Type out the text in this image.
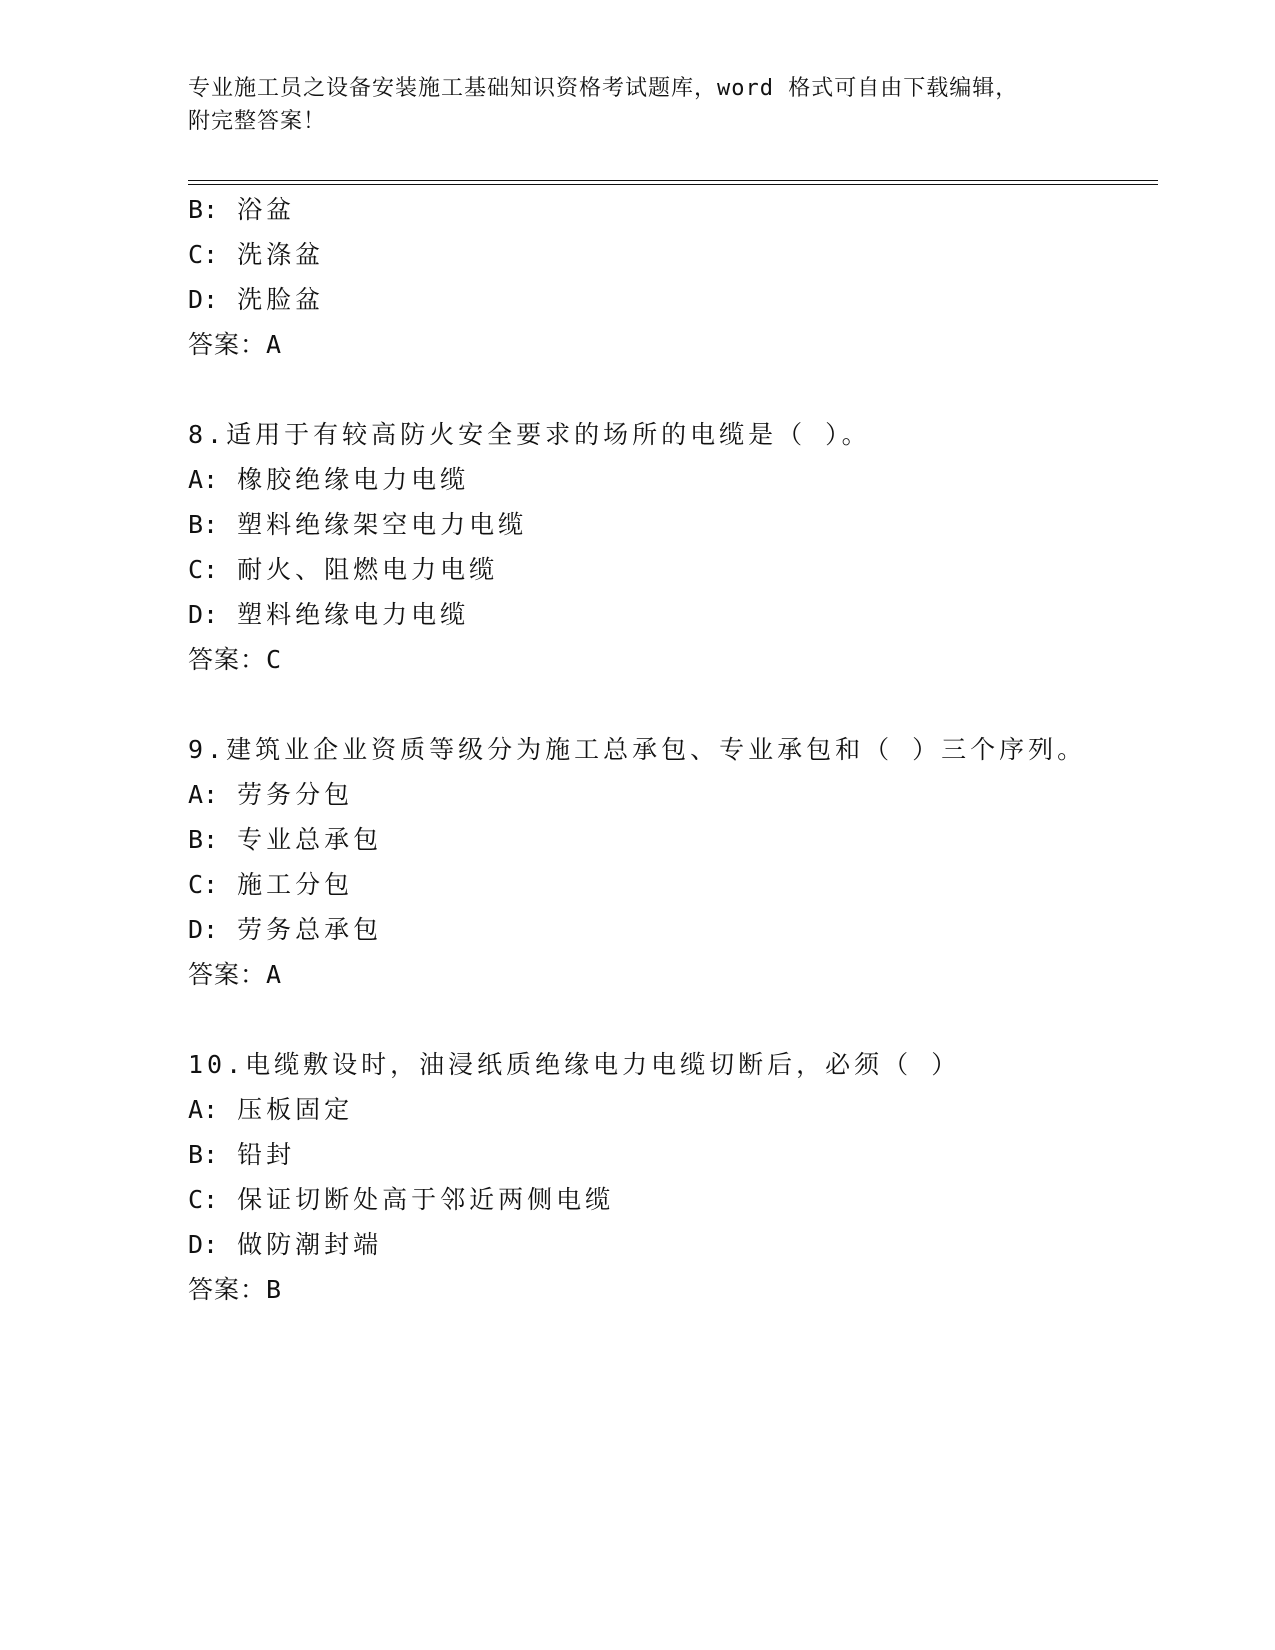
专业施工员之设备安装施工基础知识资格考试题库，word 格式可自由下载编辑，
附完整答案！
B: 浴盆
C: 洗涤盆
D: 洗脸盆
答案：A
8.适用于有较高防火安全要求的场所的电缆是（ ）。
A: 橡胶绝缘电力电缆
B: 塑料绝缘架空电力电缆
C: 耐火、阻燃电力电缆
D: 塑料绝缘电力电缆
答案：C
9.建筑业企业资质等级分为施工总承包、专业承包和（ ）三个序列。
A: 劳务分包
B: 专业总承包
C: 施工分包
D: 劳务总承包
答案：A
10.电缆敷设时，油浸纸质绝缘电力电缆切断后，必须（ ）
A: 压板固定
B: 铅封
C: 保证切断处高于邻近两侧电缆
D: 做防潮封端
答案：B
